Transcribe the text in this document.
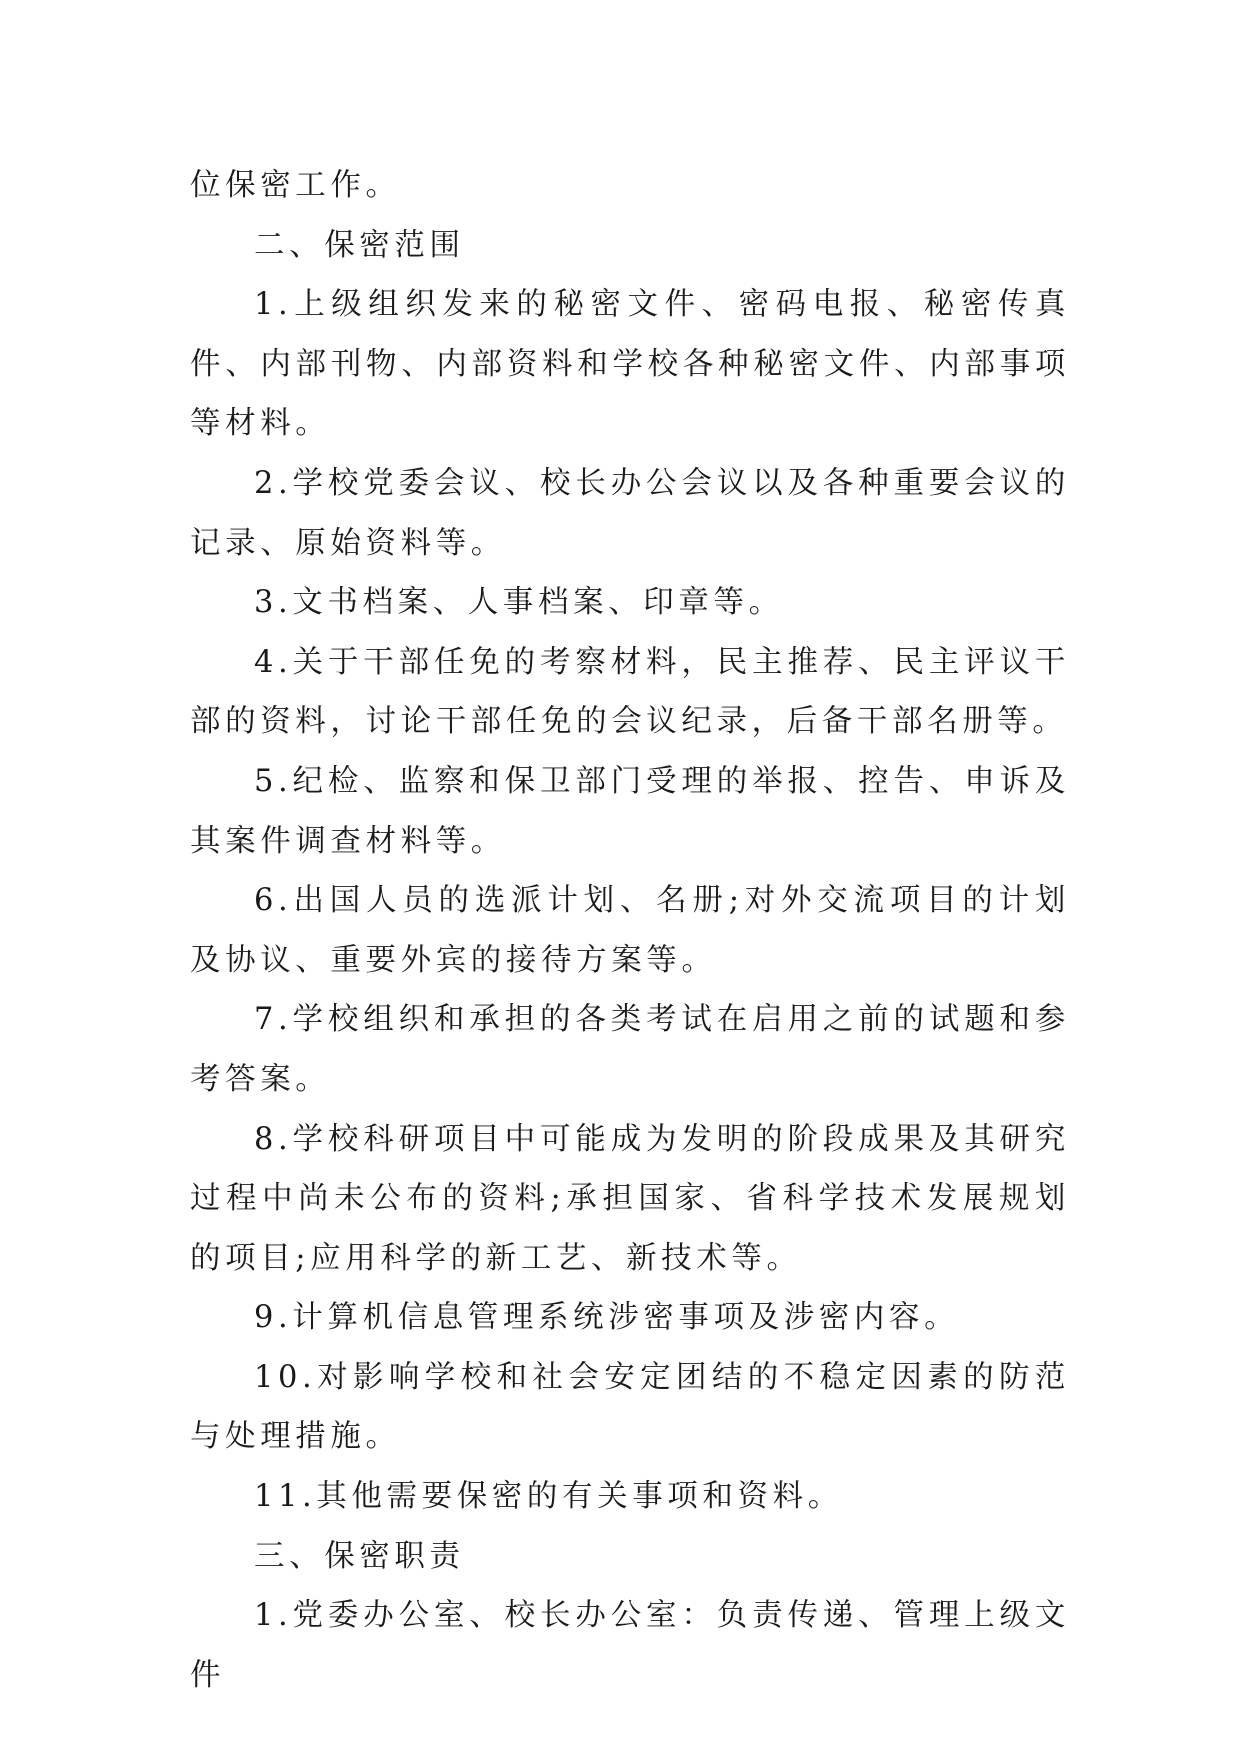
位保密工作。

二、保密范围

1.上级组织发来的秘密文件、密码电报、秘密传真件、内部刊物、内部资料和学校各种秘密文件、内部事项等材料。

2.学校党委会议、校长办公会议以及各种重要会议的记录、原始资料等。

3.文书档案、人事档案、印章等。

4.关于干部任免的考察材料，民主推荐、民主评议干部的资料，讨论干部任免的会议纪录，后备干部名册等。

5.纪检、监察和保卫部门受理的举报、控告、申诉及其案件调查材料等。

6.出国人员的选派计划、名册;对外交流项目的计划及协议、重要外宾的接待方案等。

7.学校组织和承担的各类考试在启用之前的试题和参考答案。

8.学校科研项目中可能成为发明的阶段成果及其研究过程中尚未公布的资料;承担国家、省科学技术发展规划的项目;应用科学的新工艺、新技术等。

9.计算机信息管理系统涉密事项及涉密内容。

10.对影响学校和社会安定团结的不稳定因素的防范与处理措施。

11.其他需要保密的有关事项和资料。

三、保密职责

1.党委办公室、校长办公室：负责传递、管理上级文件
